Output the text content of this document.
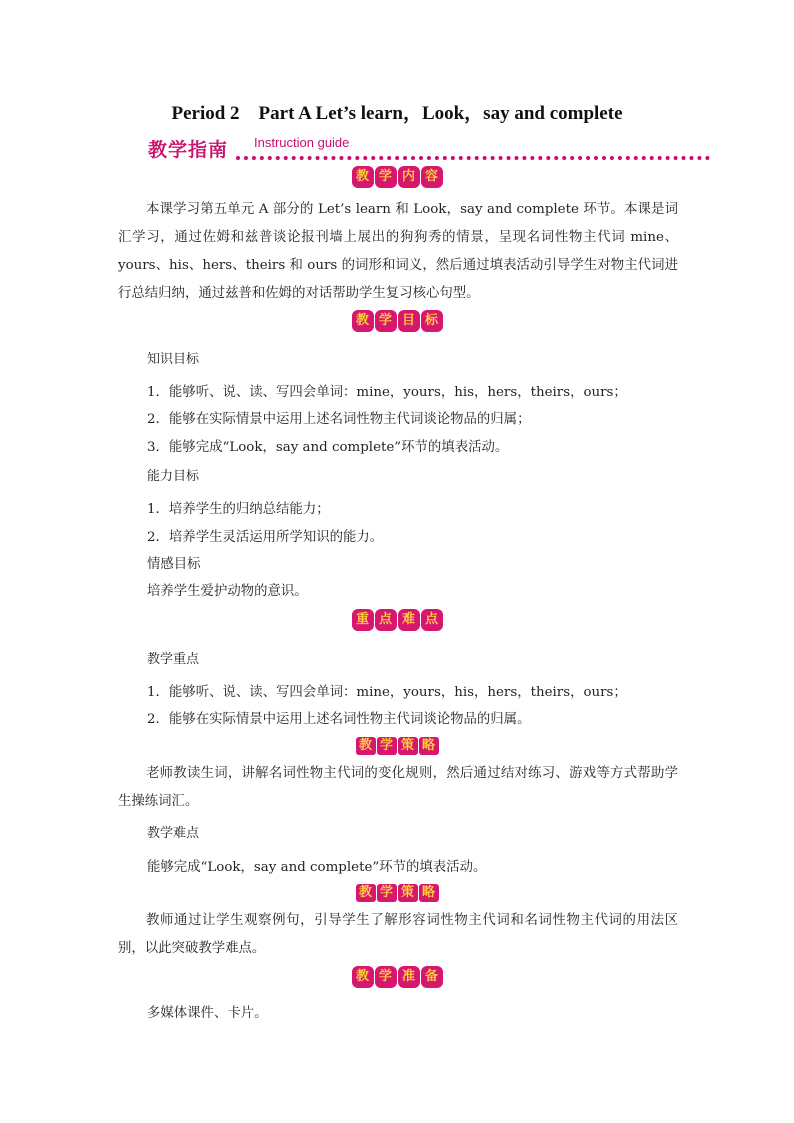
Period 2　Part A Let’s learn，Look，say and complete
教学指南 Instruction guide
教 学 内 容
本课学习第五单元 A 部分的 Let’s learn 和 Look，say and complete 环节。本课是词汇学习，通过佐姆和兹普谈论报刊墙上展出的狗狗秀的情景，呈现名词性物主代词 mine、yours、his、hers、theirs 和 ours 的词形和词义，然后通过填表活动引导学生对物主代词进行总结归纳，通过兹普和佐姆的对话帮助学生复习核心句型。
教 学 目 标
知识目标
1．能够听、说、读、写四会单词：mine，yours，his，hers，theirs，ours；
2．能够在实际情景中运用上述名词性物主代词谈论物品的归属；
3．能够完成“Look，say and complete”环节的填表活动。
能力目标
1．培养学生的归纳总结能力；
2．培养学生灵活运用所学知识的能力。
情感目标
培养学生爱护动物的意识。
重 点 难 点
教学重点
1．能够听、说、读、写四会单词：mine，yours，his，hers，theirs，ours；
2．能够在实际情景中运用上述名词性物主代词谈论物品的归属。
教 学 策 略
老师教读生词，讲解名词性物主代词的变化规则，然后通过结对练习、游戏等方式帮助学生操练词汇。
教学难点
能够完成“Look，say and complete”环节的填表活动。
教 学 策 略
教师通过让学生观察例句，引导学生了解形容词性物主代词和名词性物主代词的用法区别，以此突破教学难点。
教 学 准 备
多媒体课件、卡片。
